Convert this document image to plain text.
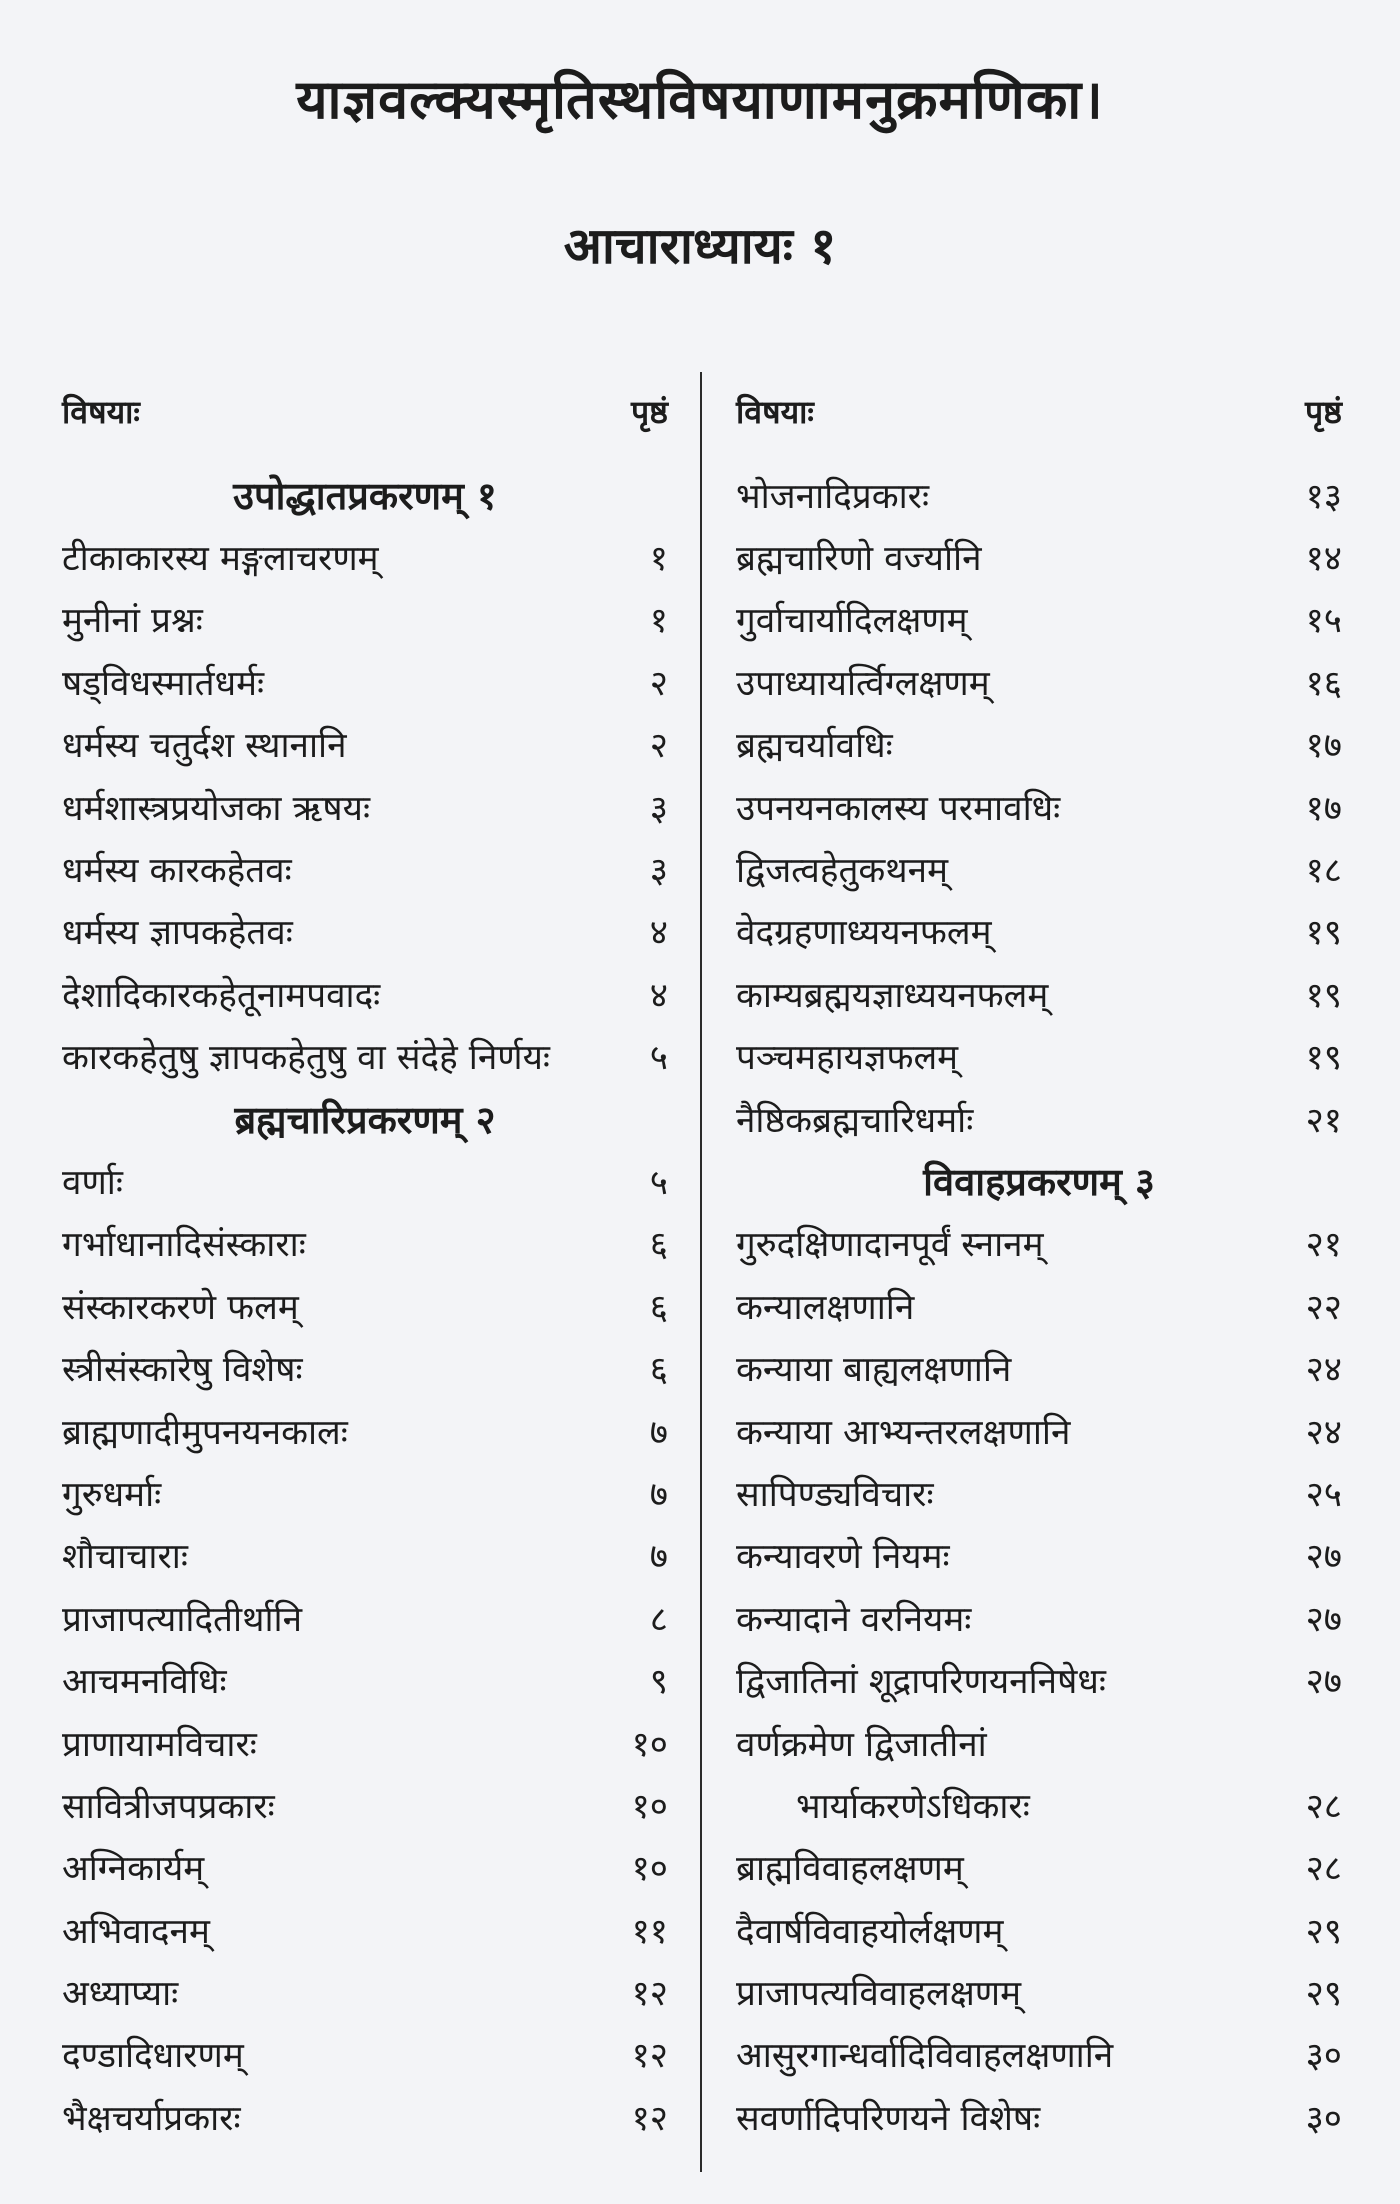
याज्ञवल्क्यस्मृतिस्थविषयाणामनुक्रमणिका।
आचाराध्यायः १
विषयाः	पृष्ठं
उपोद्धातप्रकरणम् १
टीकाकारस्य मङ्गलाचरणम्	१
मुनीनां प्रश्नः	१
षड्विधस्मार्तधर्मः	२
धर्मस्य चतुर्दश स्थानानि	२
धर्मशास्त्रप्रयोजका ऋषयः	३
धर्मस्य कारकहेतवः	३
धर्मस्य ज्ञापकहेतवः	४
देशादिकारकहेतूनामपवादः	४
कारकहेतुषु ज्ञापकहेतुषु वा संदेहे निर्णयः	५
ब्रह्मचारिप्रकरणम् २
वर्णाः	५
गर्भाधानादिसंस्काराः	६
संस्कारकरणे फलम्	६
स्त्रीसंस्कारेषु विशेषः	६
ब्राह्मणादीमुपनयनकालः	७
गुरुधर्माः	७
शौचाचाराः	७
प्राजापत्यादितीर्थानि	८
आचमनविधिः	९
प्राणायामविचारः	१०
सावित्रीजपप्रकारः	१०
अग्निकार्यम्	१०
अभिवादनम्	११
अध्याप्याः	१२
दण्डादिधारणम्	१२
भैक्षचर्याप्रकारः	१२
विषयाः	पृष्ठं
भोजनादिप्रकारः	१३
ब्रह्मचारिणो वर्ज्यानि	१४
गुर्वाचार्यादिलक्षणम्	१५
उपाध्यायर्त्विग्लक्षणम्	१६
ब्रह्मचर्यावधिः	१७
उपनयनकालस्य परमावधिः	१७
द्विजत्वहेतुकथनम्	१८
वेदग्रहणाध्ययनफलम्	१९
काम्यब्रह्मयज्ञाध्ययनफलम्	१९
पञ्चमहायज्ञफलम्	१९
नैष्ठिकब्रह्मचारिधर्माः	२१
विवाहप्रकरणम् ३
गुरुदक्षिणादानपूर्वं स्नानम्	२१
कन्यालक्षणानि	२२
कन्याया बाह्यलक्षणानि	२४
कन्याया आभ्यन्तरलक्षणानि	२४
सापिण्ड्यविचारः	२५
कन्यावरणे नियमः	२७
कन्यादाने वरनियमः	२७
द्विजातिनां शूद्रापरिणयननिषेधः	२७
वर्णक्रमेण द्विजातीनां
भार्याकरणेऽधिकारः	२८
ब्राह्मविवाहलक्षणम्	२८
दैवार्षविवाहयोर्लक्षणम्	२९
प्राजापत्यविवाहलक्षणम्	२९
आसुरगान्धर्वादिविवाहलक्षणानि	३०
सवर्णादिपरिणयने विशेषः	३०
